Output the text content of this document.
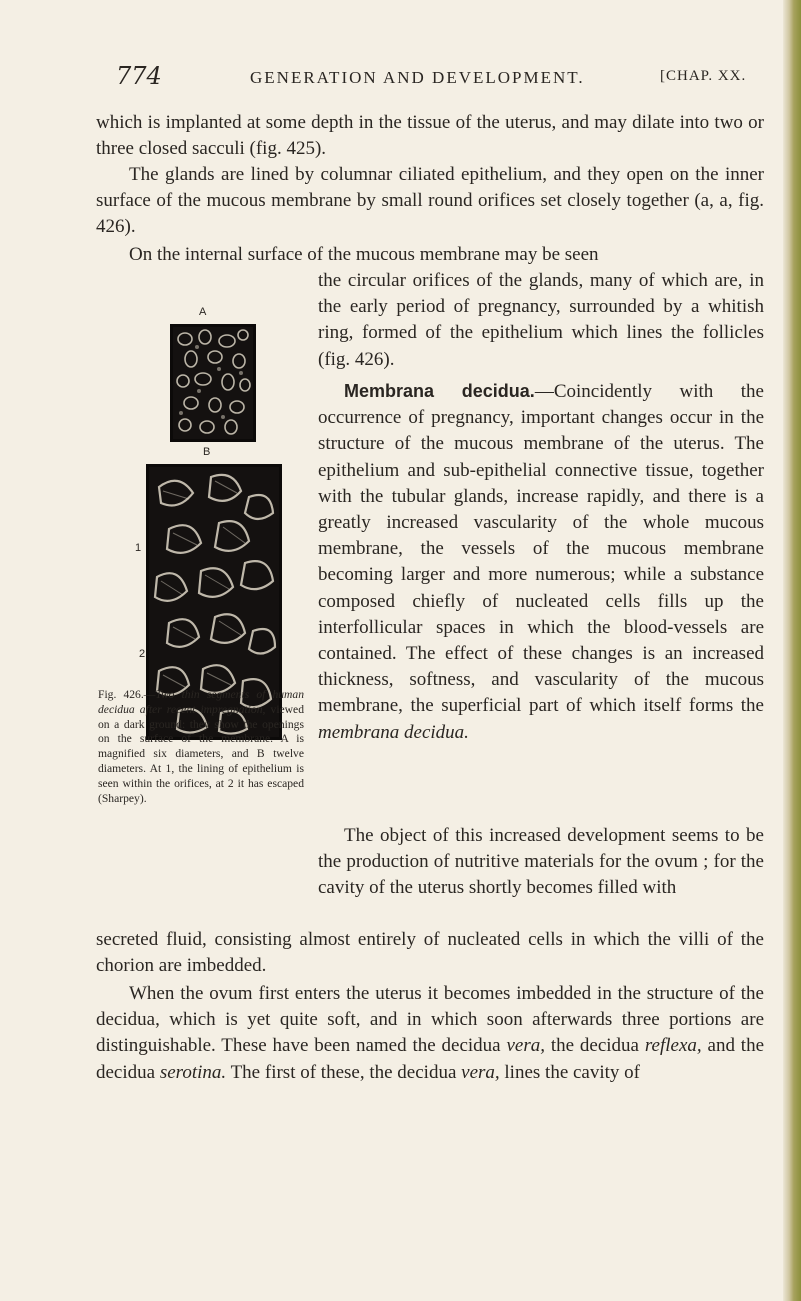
774	GENERATION AND DEVELOPMENT.	[CHAP. XX.
which is implanted at some depth in the tissue of the uterus, and may dilate into two or three closed sacculi (fig. 425).
The glands are lined by columnar ciliated epithelium, and they open on the inner surface of the mucous membrane by small round orifices set closely together (a, a, fig. 426).
On the internal surface of the mucous membrane may be seen
the circular orifices of the glands, many of which are, in the early period of pregnancy, surrounded by a whitish ring, formed of the epithelium which lines the follicles (fig. 426).
Membrana decidua.—Coincidently with the occurrence of pregnancy, important changes occur in the structure of the mucous membrane of the uterus. The epithelium and sub-epithelial connective tissue, together with the tubular glands, increase rapidly, and there is a greatly increased vascularity of the whole mucous membrane, the vessels of the mucous membrane becoming larger and more numerous; while a substance composed chiefly of nucleated cells fills up the interfollicular spaces in which the blood-vessels are contained. The effect of these changes is an increased thickness, softness, and vascularity of the mucous membrane, the superficial part of which itself forms the membrana decidua.
The object of this increased development seems to be the production of nutritive materials for the ovum ; for the cavity of the uterus shortly becomes filled with
secreted fluid, consisting almost entirely of nucleated cells in which the villi of the chorion are imbedded.
When the ovum first enters the uterus it becomes imbedded in the structure of the decidua, which is yet quite soft, and in which soon afterwards three portions are distinguishable. These have been named the decidua vera, the decidua reflexa, and the decidua serotina. The first of these, the decidua vera, lines the cavity of
A
B
1
2
Fig. 426.—Two thin segments of human decidua after recent impregnation, viewed on a dark ground: they show the openings on the surface of the membrane. A is magnified six diameters, and B twelve diameters. At 1, the lining of epithelium is seen within the orifices, at 2 it has escaped (Sharpey).
